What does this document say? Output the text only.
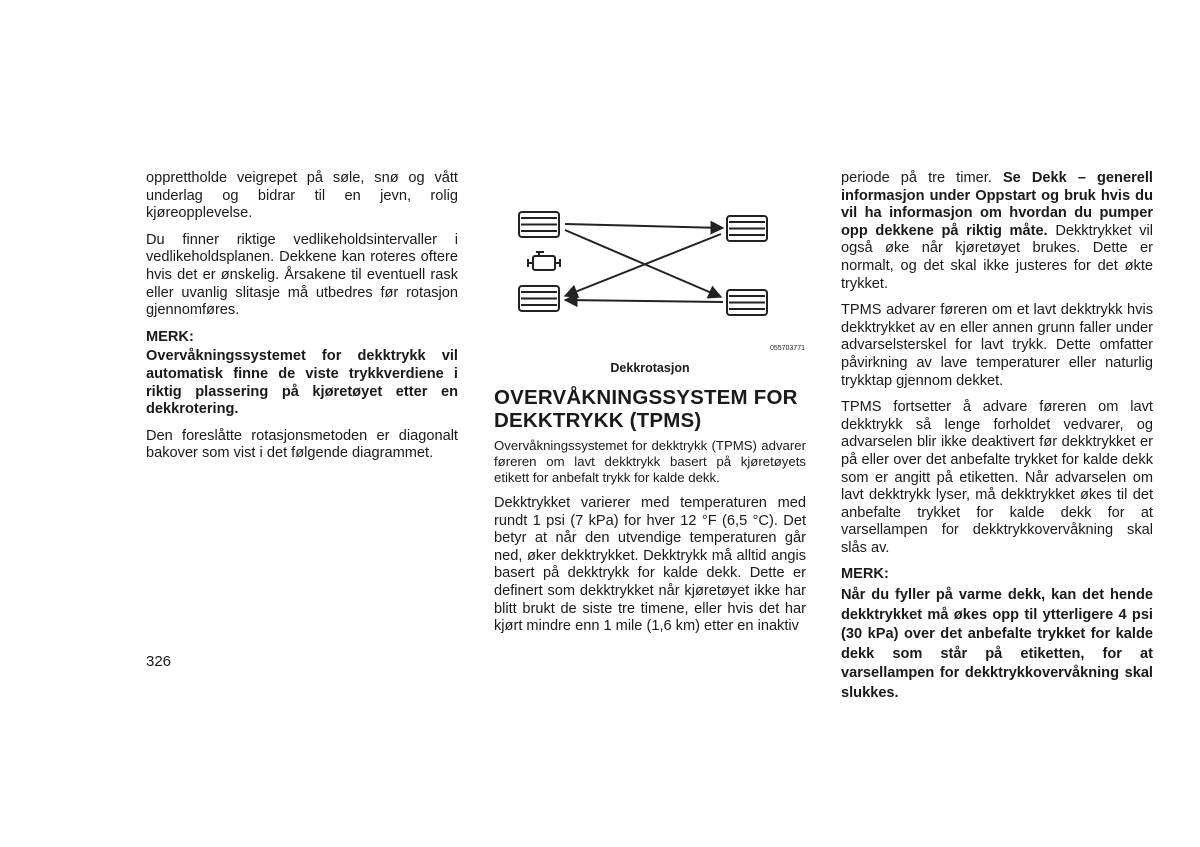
opprettholde veigrepet på søle, snø og vått underlag og bidrar til en jevn, rolig kjøreopplevelse.

Du finner riktige vedlikeholdsintervaller i vedlikeholdsplanen. Dekkene kan roteres oftere hvis det er ønskelig. Årsakene til eventuell rask eller uvanlig slitasje må utbedres før rotasjon gjennomføres.

MERK:

Overvåkningssystemet for dekktrykk vil automatisk finne de viste trykkverdiene i riktig plassering på kjøretøyet etter en dekkrotering.

Den foreslåtte rotasjonsmetoden er diagonalt bakover som vist i det følgende diagrammet.

055703771
Dekkrotasjon
OVERVÅKNINGSSYSTEM FOR DEKKTRYKK (TPMS)

Overvåkningssystemet for dekktrykk (TPMS) advarer føreren om lavt dekktrykk basert på kjøretøyets etikett for anbefalt trykk for kalde dekk.

Dekktrykket varierer med temperaturen med rundt 1 psi (7 kPa) for hver 12 °F (6,5 °C). Det betyr at når den utvendige temperaturen går ned, øker dekktrykket. Dekktrykk må alltid angis basert på dekktrykk for kalde dekk. Dette er definert som dekktrykket når kjøretøyet ikke har blitt brukt de siste tre timene, eller hvis det har kjørt mindre enn 1 mile (1,6 km) etter en inaktiv

periode på tre timer. Se Dekk – generell informasjon under Oppstart og bruk hvis du vil ha informasjon om hvordan du pumper opp dekkene på riktig måte. Dekktrykket vil også øke når kjøretøyet brukes. Dette er normalt, og det skal ikke justeres for det økte trykket.

TPMS advarer føreren om et lavt dekktrykk hvis dekktrykket av en eller annen grunn faller under advarselsterskel for lavt trykk. Dette omfatter påvirkning av lave temperaturer eller naturlig trykktap gjennom dekket.

TPMS fortsetter å advare føreren om lavt dekktrykk så lenge forholdet vedvarer, og advarselen blir ikke deaktivert før dekktrykket er på eller over det anbefalte trykket for kalde dekk som er angitt på etiketten. Når advarselen om lavt dekktrykk lyser, må dekktrykket økes til det anbefalte trykket for kalde dekk for at varsellampen for dekktrykkovervåkning skal slås av.

MERK:

Når du fyller på varme dekk, kan det hende dekktrykket må økes opp til ytterligere 4 psi (30 kPa) over det anbefalte trykket for kalde dekk som står på etiketten, for at varsellampen for dekktrykkovervåkning skal slukkes.

326
